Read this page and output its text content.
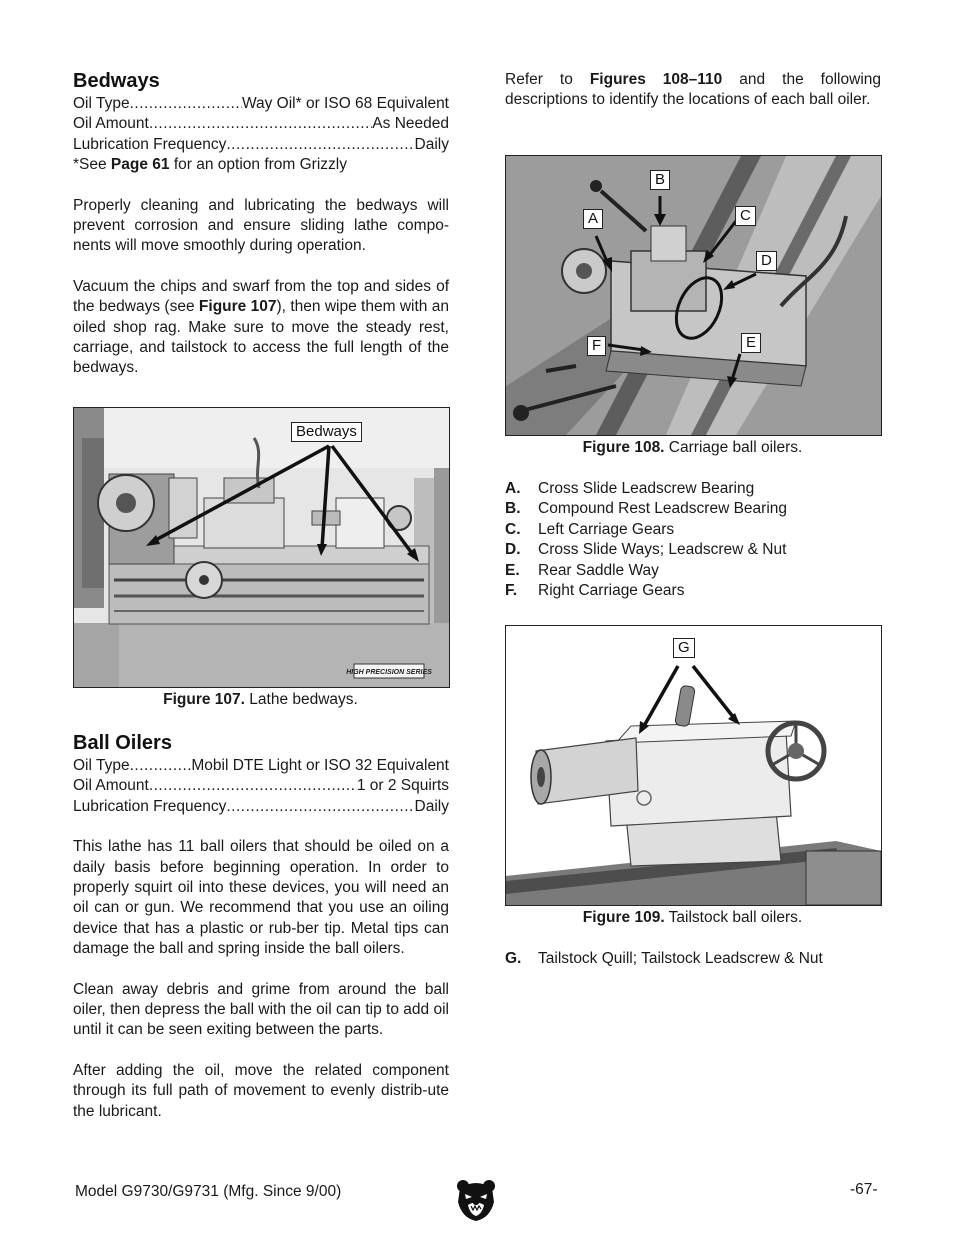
Bedways
Oil Type .....	Way Oil* or ISO 68 Equivalent
Oil Amount .....	As Needed
Lubrication Frequency .....	Daily
*See Page 61 for an option from Grizzly

Properly cleaning and lubricating the bedways will prevent corrosion and ensure sliding lathe compo-nents will move smoothly during operation.

Vacuum the chips and swarf from the top and sides of the bedways (see Figure 107), then wipe them with an oiled shop rag. Make sure to move the steady rest, carriage, and tailstock to access the full length of the bedways.

HIGH PRECISION SERIES
Bedways
Figure 107. Lathe bedways.
Ball Oilers
Oil Type .....	Mobil DTE Light or ISO 32 Equivalent
Oil Amount .....	1 or 2 Squirts
Lubrication Frequency .....	Daily

This lathe has 11 ball oilers that should be oiled on a daily basis before beginning operation. In order to properly squirt oil into these devices, you will need an oil can or gun. We recommend that you use an oiling device that has a plastic or rub-ber tip. Metal tips can damage the ball and spring inside the ball oilers.

Clean away debris and grime from around the ball oiler, then depress the ball with the oil can tip to add oil until it can be seen exiting between the parts.

After adding the oil, move the related component through its full path of movement to evenly distrib-ute the lubricant.

Refer to Figures 108–110 and the following descriptions to identify the locations of each ball oiler.

A
B
C
D
E
F
Figure 108. Carriage ball oilers.
A.	Cross Slide Leadscrew Bearing
B.	Compound Rest Leadscrew Bearing
C.	Left Carriage Gears
D.	Cross Slide Ways; Leadscrew & Nut
E.	Rear Saddle Way
F.	Right Carriage Gears
G
Figure 109. Tailstock ball oilers.
G.	Tailstock Quill; Tailstock Leadscrew & Nut
Model G9730/G9731 (Mfg. Since 9/00)	-67-
